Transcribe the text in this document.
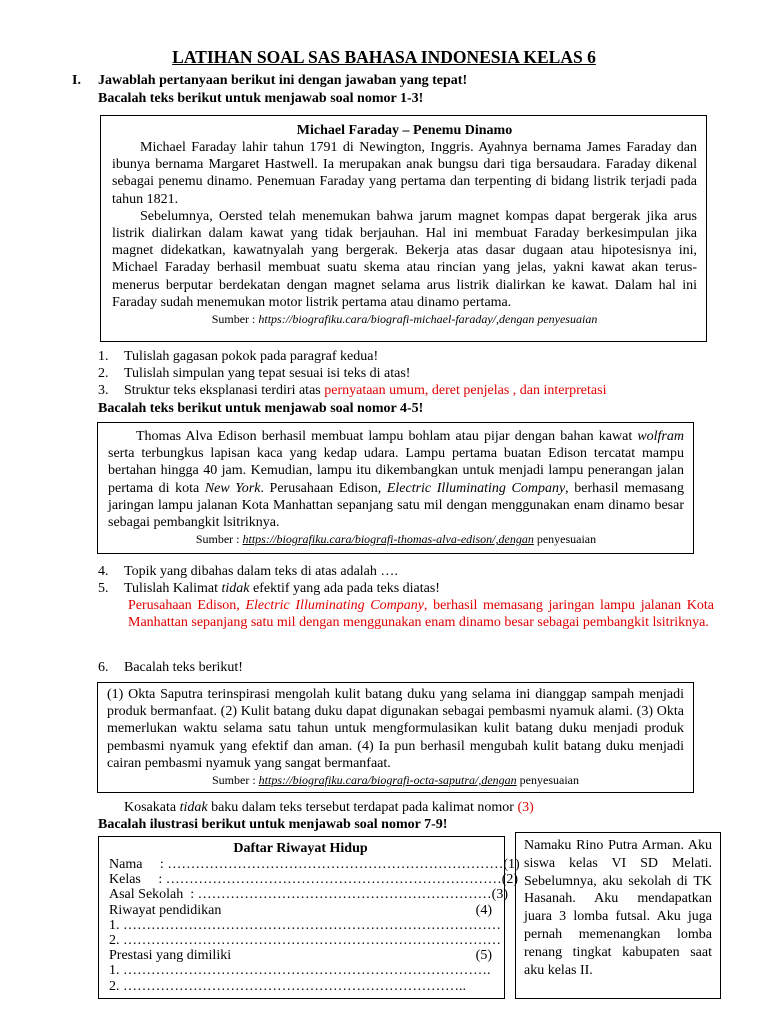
LATIHAN SOAL SAS BAHASA INDONESIA KELAS 6
I. Jawablah pertanyaan berikut ini dengan jawaban yang tepat!
Bacalah teks berikut untuk menjawab soal nomor 1-3!
Michael Faraday – Penemu Dinamo

Michael Faraday lahir tahun 1791 di Newington, Inggris. Ayahnya bernama James Faraday dan ibunya bernama Margaret Hastwell. Ia merupakan anak bungsu dari tiga bersaudara. Faraday dikenal sebagai penemu dinamo. Penemuan Faraday yang pertama dan terpenting di bidang listrik terjadi pada tahun 1821.

Sebelumnya, Oersted telah menemukan bahwa jarum magnet kompas dapat bergerak jika arus listrik dialirkan dalam kawat yang tidak berjauhan. Hal ini membuat Faraday berkesimpulan jika magnet didekatkan, kawatnyalah yang bergerak. Bekerja atas dasar dugaan atau hipotesisnya ini, Michael Faraday berhasil membuat suatu skema atau rincian yang jelas, yakni kawat akan terus-menerus berputar berdekatan dengan magnet selama arus listrik dialirkan ke kawat. Dalam hal ini Faraday sudah menemukan motor listrik pertama atau dinamo pertama.

Sumber : https://biografiku.cara/biografi-michael-faraday/,dengan penyesuaian
1. Tulislah gagasan pokok pada paragraf kedua!
2. Tulislah simpulan yang tepat sesuai isi teks di atas!
3. Struktur teks eksplanasi terdiri atas pernyataan umum, deret penjelas , dan interpretasi
Bacalah teks berikut untuk menjawab soal nomor 4-5!

Thomas Alva Edison berhasil membuat lampu bohlam atau pijar dengan bahan kawat wolfram serta terbungkus lapisan kaca yang kedap udara. Lampu pertama buatan Edison tercatat mampu bertahan hingga 40 jam. Kemudian, lampu itu dikembangkan untuk menjadi lampu penerangan jalan pertama di kota New York. Perusahaan Edison, Electric Illuminating Company, berhasil memasang jaringan lampu jalanan Kota Manhattan sepanjang satu mil dengan menggunakan enam dinamo besar sebagai pembangkit lsitriknya.

Sumber : https://biografiku.cara/biografi-thomas-alva-edison/,dengan penyesuaian
4. Topik yang dibahas dalam teks di atas adalah ….
5. Tulislah Kalimat tidak efektif yang ada pada teks diatas!
Perusahaan Edison, Electric Illuminating Company, berhasil memasang jaringan lampu jalanan Kota Manhattan sepanjang satu mil dengan menggunakan enam dinamo besar sebagai pembangkit lsitriknya.
6. Bacalah teks berikut!

(1) Okta Saputra terinspirasi mengolah kulit batang duku yang selama ini dianggap sampah menjadi produk bermanfaat. (2) Kulit batang duku dapat digunakan sebagai pembasmi nyamuk alami. (3) Okta memerlukan waktu selama satu tahun untuk mengformulasikan kulit batang duku menjadi produk pembasmi nyamuk yang efektif dan aman. (4) Ia pun berhasil mengubah kulit batang duku menjadi cairan pembasmi nyamuk yang sangat bermanfaat.

Sumber : https://biografiku.cara/biografi-octa-saputra/,dengan penyesuaian
Kosakata tidak baku dalam teks tersebut terdapat pada kalimat nomor (3)
Bacalah ilustrasi berikut untuk menjawab soal nomor 7-9!
Daftar Riwayat Hidup
Nama     : ……………………………………………………………… (1)
Kelas     : ……………………………………………………………… (2)
Asal Sekolah  : ……………………………………………………… (3)
Riwayat pendidikan	(4)
1. ………………………………………………………………………
2. ………………………………………………………………………
Prestasi yang dimiliki	(5)
1. …………………………………………………………………….
2. ………………………………………………………………..

Namaku Rino Putra Arman. Aku siswa kelas VI SD Melati. Sebelumnya, aku sekolah di TK Hasanah. Aku mendapatkan juara 3 lomba futsal. Aku juga pernah memenangkan lomba renang tingkat kabupaten saat aku kelas II.
